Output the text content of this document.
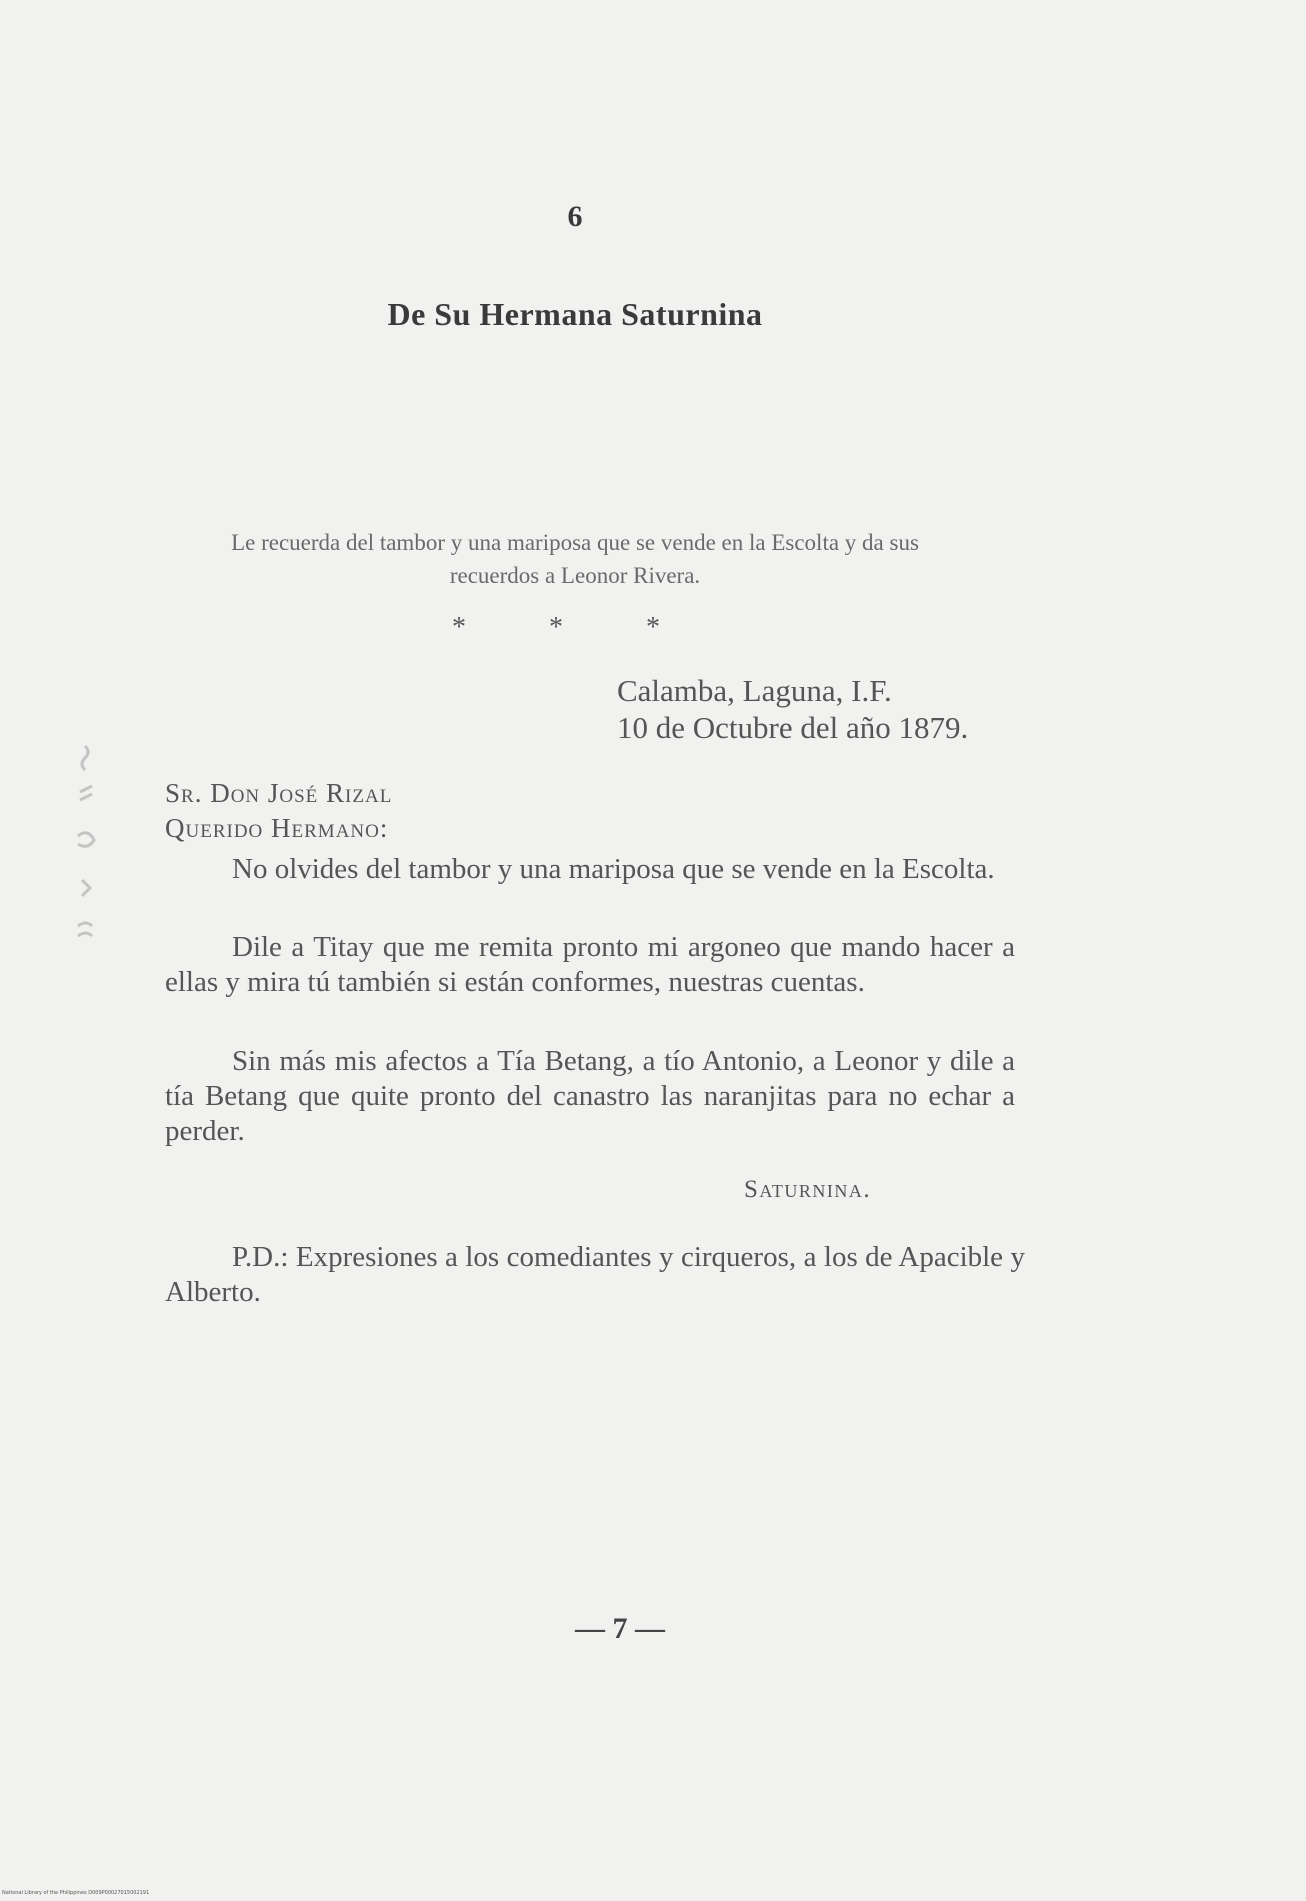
6
De Su Hermana Saturnina
Le recuerda del tambor y una mariposa que se vende en la Escolta y da sus recuerdos a Leonor Rivera.
* * *
Calamba, Laguna, I.F.
10 de Octubre del año 1879.
Sr. Don José Rizal
Querido Hermano:

No olvides del tambor y una mariposa que se vende en la Escolta.

Dile a Titay que me remita pronto mi argoneo que mando hacer a ellas y mira tú también si están conformes, nuestras cuentas.

Sin más mis afectos a Tía Betang, a tío Antonio, a Leonor y dile a tía Betang que quite pronto del canastro las naranjitas para no echar a perder.

Saturnina.

P.D.: Expresiones a los comediantes y cirqueros, a los de Apacible y Alberto.

— 7 —
National Library of the Philippines D009P00027015002191
